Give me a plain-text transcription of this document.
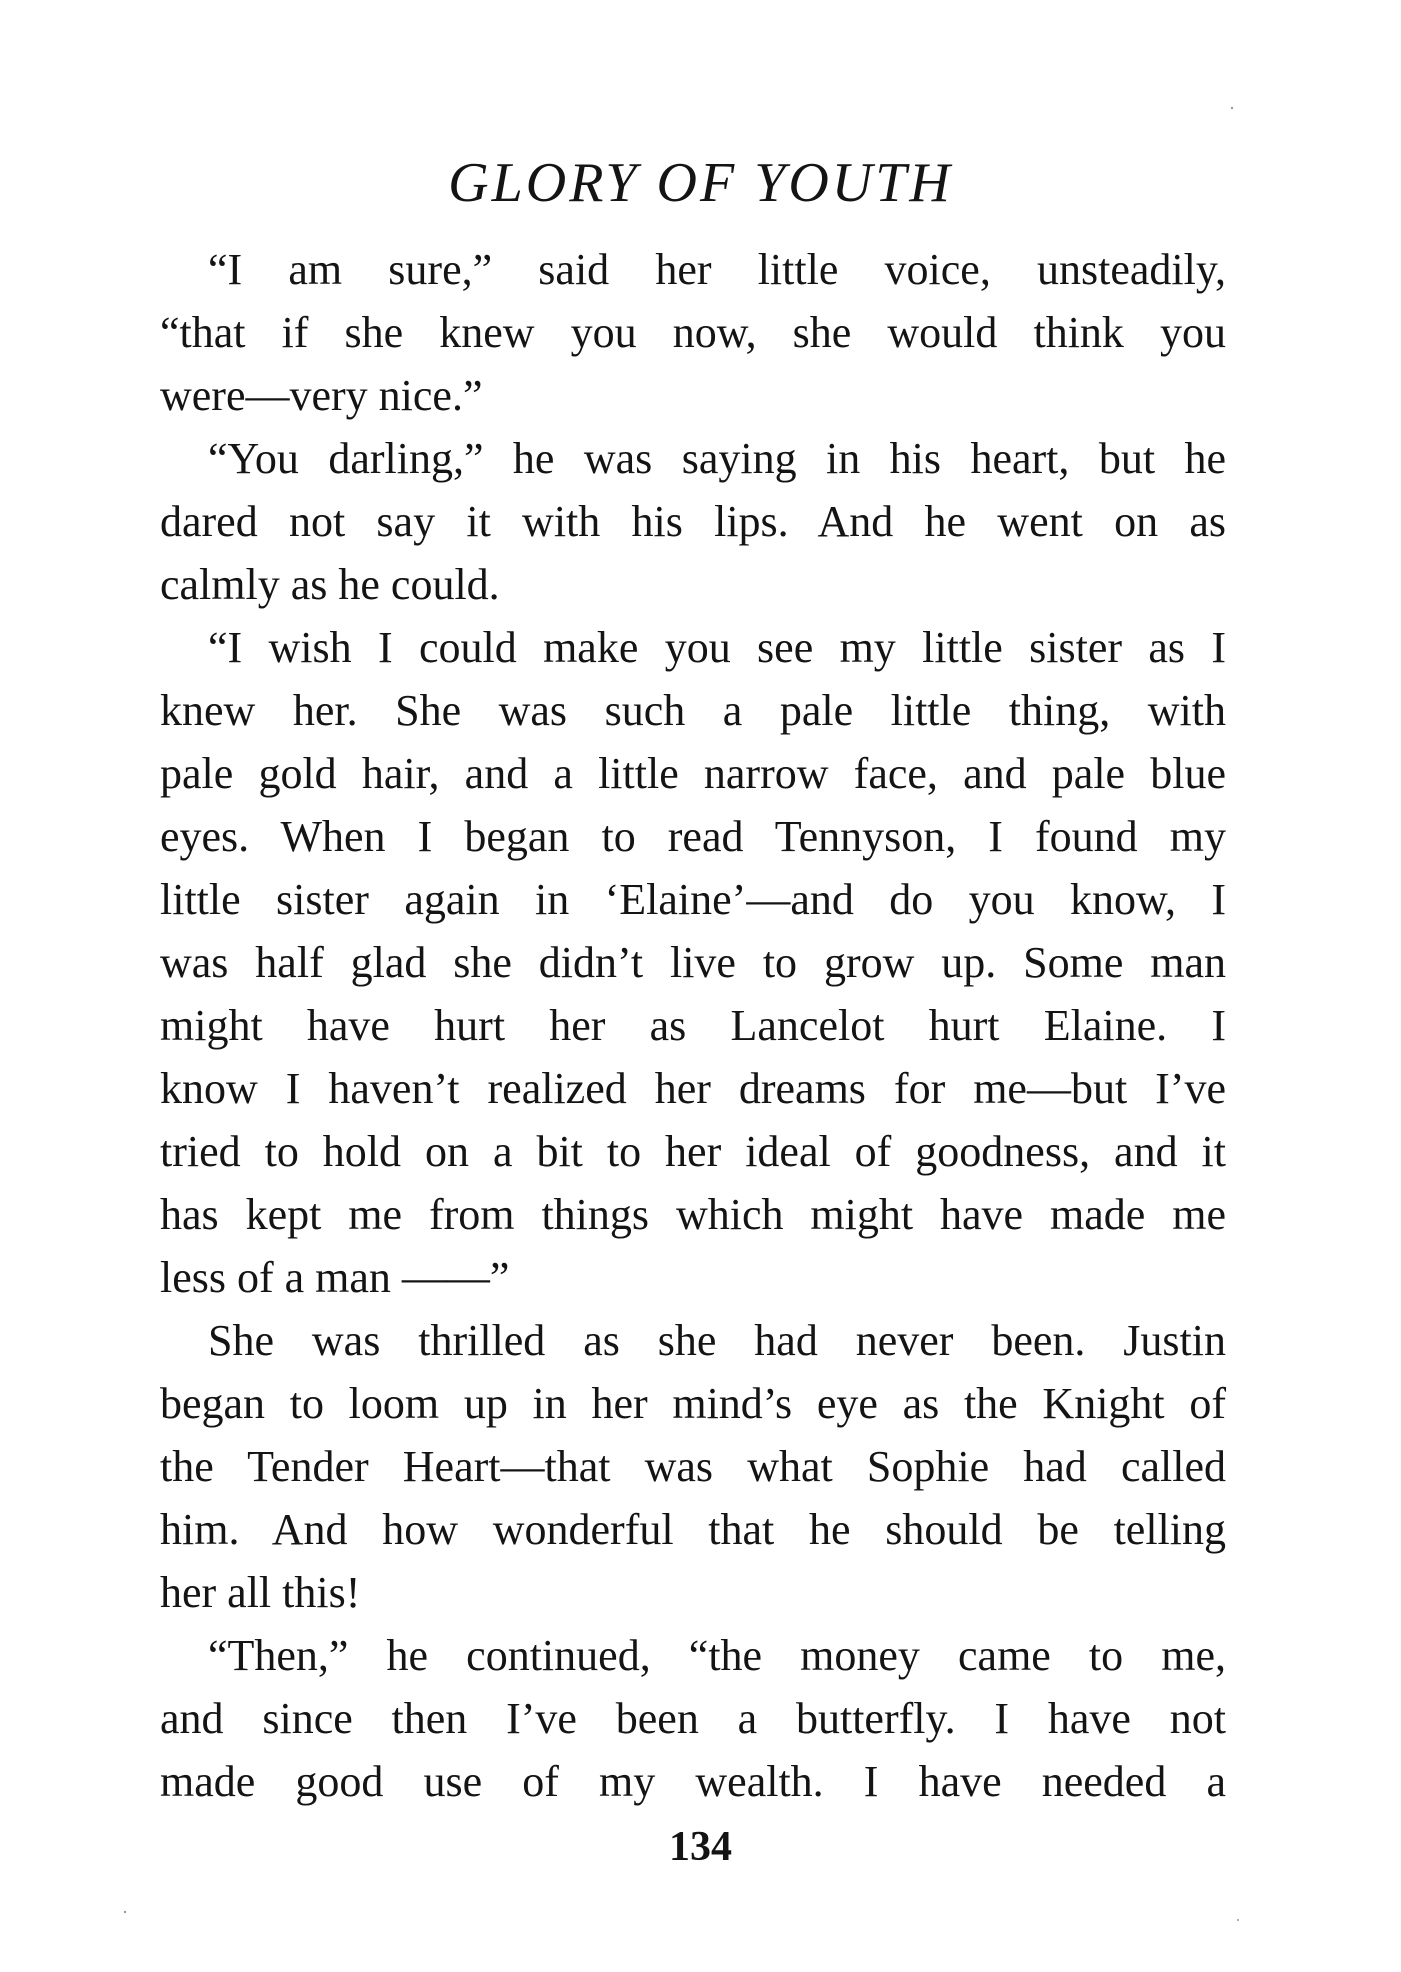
GLORY OF YOUTH
“I am sure,” said her little voice, unsteadily,
“that if she knew you now, she would think you
were—very nice.”
“You darling,” he was saying in his heart, but he
dared not say it with his lips. And he went on as
calmly as he could.
“I wish I could make you see my little sister as I
knew her. She was such a pale little thing, with
pale gold hair, and a little narrow face, and pale blue
eyes. When I began to read Tennyson, I found my
little sister again in ‘Elaine’—and do you know, I
was half glad she didn’t live to grow up. Some man
might have hurt her as Lancelot hurt Elaine. I
know I haven’t realized her dreams for me—but I’ve
tried to hold on a bit to her ideal of goodness, and it
has kept me from things which might have made me
less of a man ——”
She was thrilled as she had never been. Justin
began to loom up in her mind’s eye as the Knight of
the Tender Heart—that was what Sophie had called
him. And how wonderful that he should be telling
her all this!
“Then,” he continued, “the money came to me,
and since then I’ve been a butterfly. I have not
made good use of my wealth. I have needed a
134
